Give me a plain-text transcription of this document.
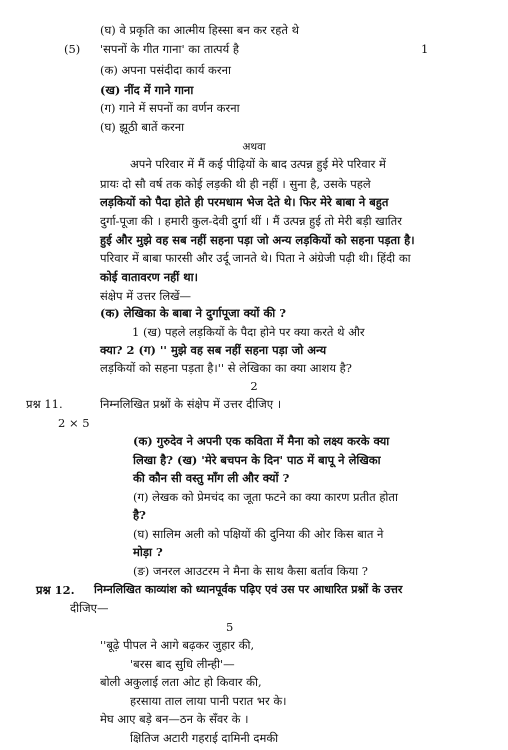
(घ) वे प्रकृति का आत्मीय हिस्सा बन कर रहते थे
(5) 'सपनों के गीत गाना' का तात्पर्य है	1
(क) अपना पसंदीदा कार्य करना
(ख) नींद में गाने गाना
(ग) गाने में सपनों का वर्णन करना
(घ) झूठी बातें करना
अथवा
अपने परिवार में मैं कई पीढ़ियों के बाद उत्पन्न हुई मेरे परिवार में
प्रायः दो सौ वर्ष तक कोई लड़की थी ही नहीं । सुना है, उसके पहले
लड़कियों को पैदा होते ही परमधाम भेज देते थे। फिर मेरे बाबा ने बहुत
दुर्गा-पूजा की । हमारी कुल-देवी दुर्गा थीं । मैं उत्पन्न हुई तो मेरी बड़ी खातिर
हुई और मुझे वह सब नहीं सहना पड़ा जो अन्य लड़कियों को सहना पड़ता है।
परिवार में बाबा फारसी और उर्दू जानते थे। पिता ने अंग्रेजी पढ़ी थी। हिंदी का
कोई वातावरण नहीं था।
संक्षेप में उत्तर लिखें—
(क) लेखिका के बाबा ने दुर्गापूजा क्यों की ?
1 (ख) पहले लड़कियों के पैदा होने पर क्या करते थे और
क्या? 2 (ग) '' मुझे वह सब नहीं सहना पड़ा जो अन्य
लड़कियों को सहना पड़ता है।'' से लेखिका का क्या आशय है?
2
प्रश्न 11.	निम्नलिखित प्रश्नों के संक्षेप में उत्तर दीजिए ।
2 × 5
(क) गुरुदेव ने अपनी एक कविता में मैना को लक्ष्य करके क्या
लिखा है? (ख) 'मेरे बचपन के दिन' पाठ में बापू ने लेखिका
की कौन सी वस्तु माँग ली और क्यों ?
(ग) लेखक को प्रेमचंद का जूता फटने का क्या कारण प्रतीत होता
है?
(घ) सालिम अली को पक्षियों की दुनिया की ओर किस बात ने
मोड़ा ?
(ङ) जनरल आउटरम ने मैना के साथ कैसा बर्ताव किया ?
प्रश्न 12. निम्नलिखित काव्यांश को ध्यानपूर्वक पढ़िए एवं उस पर आधारित प्रश्नों के उत्तर
दीजिए—
5
''बूढ़े पीपल ने आगे बढ़कर जुहार की,
'बरस बाद सुधि लीन्ही'—
बोली अकुलाई लता ओट हो किवार की,
हरसाया ताल लाया पानी परात भर के।
मेघ आए बड़े बन—ठन के सँवर के ।
क्षितिज अटारी गहराई दामिनी दमकी
